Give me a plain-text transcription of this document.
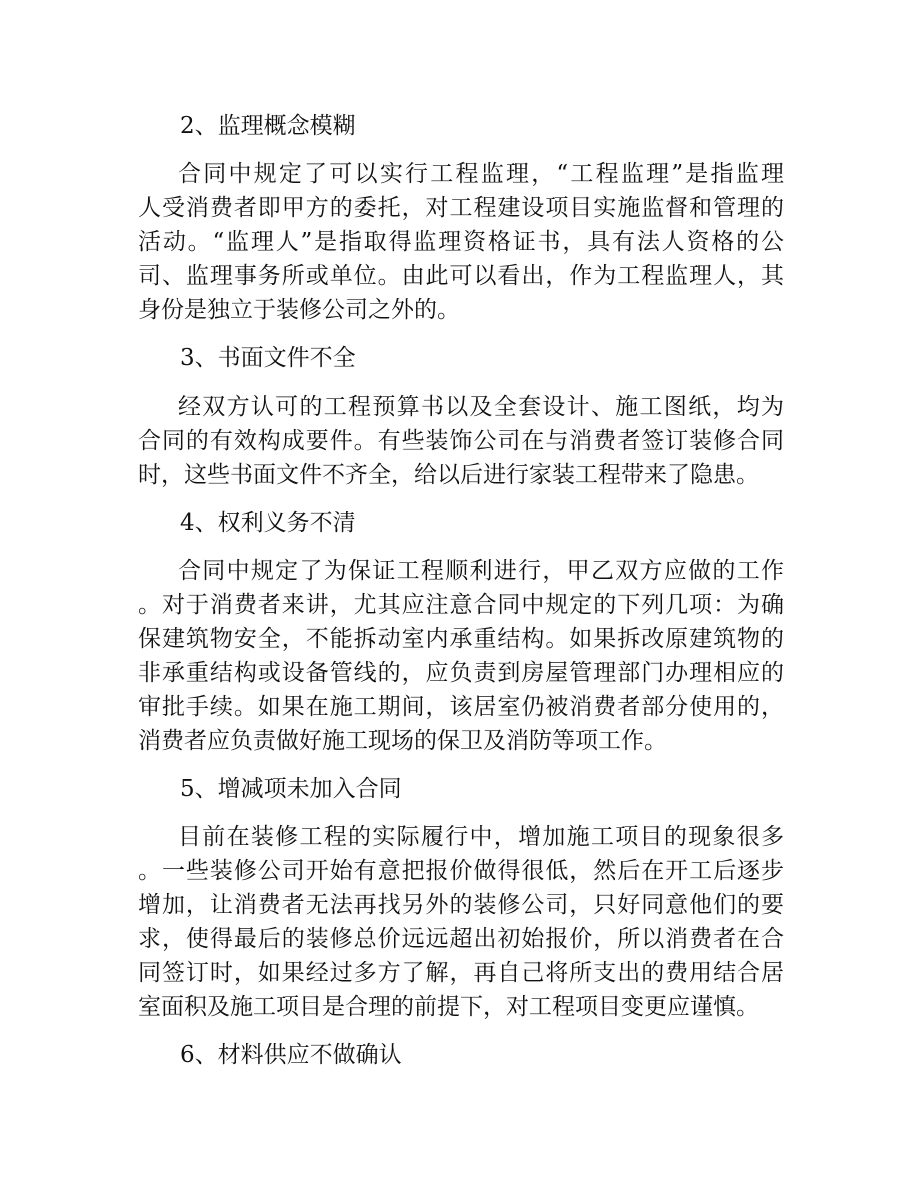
2、监理概念模糊

合同中规定了可以实行工程监理，“工程监理”是指监理

人受消费者即甲方的委托，对工程建设项目实施监督和管理的

活动。“监理人”是指取得监理资格证书，具有法人资格的公

司、监理事务所或单位。由此可以看出，作为工程监理人，其

身份是独立于装修公司之外的。

3、书面文件不全

经双方认可的工程预算书以及全套设计、施工图纸，均为

合同的有效构成要件。有些装饰公司在与消费者签订装修合同

时，这些书面文件不齐全，给以后进行家装工程带来了隐患。

4、权利义务不清

合同中规定了为保证工程顺利进行，甲乙双方应做的工作

。对于消费者来讲，尤其应注意合同中规定的下列几项：为确

保建筑物安全，不能拆动室内承重结构。如果拆改原建筑物的

非承重结构或设备管线的，应负责到房屋管理部门办理相应的

审批手续。如果在施工期间，该居室仍被消费者部分使用的，

消费者应负责做好施工现场的保卫及消防等项工作。

5、增减项未加入合同

目前在装修工程的实际履行中，增加施工项目的现象很多

。一些装修公司开始有意把报价做得很低，然后在开工后逐步

增加，让消费者无法再找另外的装修公司，只好同意他们的要

求，使得最后的装修总价远远超出初始报价，所以消费者在合

同签订时，如果经过多方了解，再自己将所支出的费用结合居

室面积及施工项目是合理的前提下，对工程项目变更应谨慎。

6、材料供应不做确认
